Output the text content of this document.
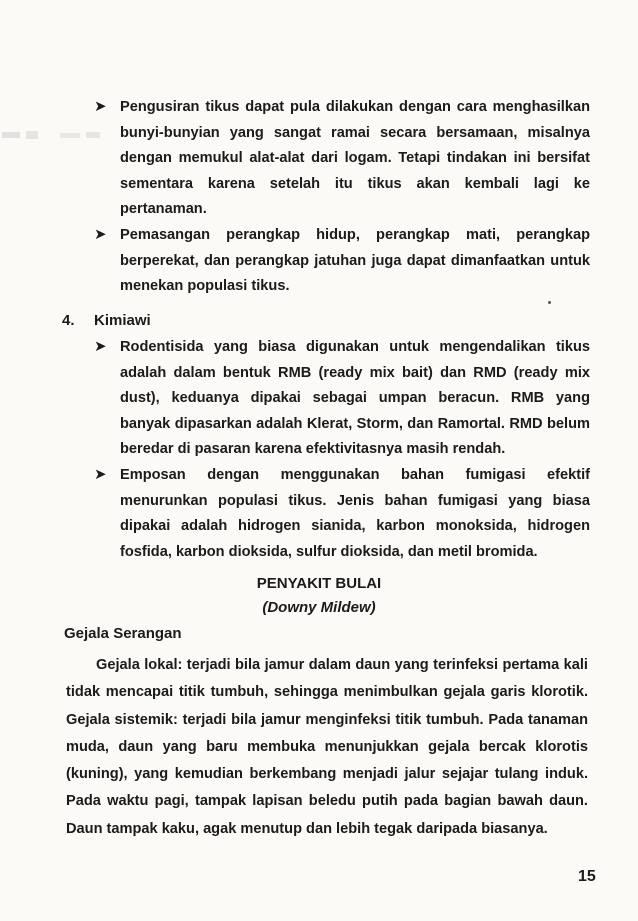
➤ Pengusiran tikus dapat pula dilakukan dengan cara menghasilkan bunyi-bunyian yang sangat ramai secara bersamaan, misalnya dengan memukul alat-alat dari logam. Tetapi tindakan ini bersifat sementara karena setelah itu tikus akan kembali lagi ke pertanaman.
➤ Pemasangan perangkap hidup, perangkap mati, perangkap berperekat, dan perangkap jatuhan juga dapat dimanfaatkan untuk menekan populasi tikus.
4. Kimiawi
➤ Rodentisida yang biasa digunakan untuk mengendalikan tikus adalah dalam bentuk RMB (ready mix bait) dan RMD (ready mix dust), keduanya dipakai sebagai umpan beracun. RMB yang banyak dipasarkan adalah Klerat, Storm, dan Ramortal. RMD belum beredar di pasaran karena efektivitasnya masih rendah.
➤ Emposan dengan menggunakan bahan fumigasi efektif menurunkan populasi tikus. Jenis bahan fumigasi yang biasa dipakai adalah hidrogen sianida, karbon monoksida, hidrogen fosfida, karbon dioksida, sulfur dioksida, dan metil bromida.
PENYAKIT BULAI
(Downy Mildew)
Gejala Serangan
Gejala lokal: terjadi bila jamur dalam daun yang terinfeksi pertama kali tidak mencapai titik tumbuh, sehingga menimbulkan gejala garis klorotik. Gejala sistemik: terjadi bila jamur menginfeksi titik tumbuh. Pada tanaman muda, daun yang baru membuka menunjukkan gejala bercak klorotis (kuning), yang kemudian berkembang menjadi jalur sejajar tulang induk. Pada waktu pagi, tampak lapisan beledu putih pada bagian bawah daun. Daun tampak kaku, agak menutup dan lebih tegak daripada biasanya.
15
